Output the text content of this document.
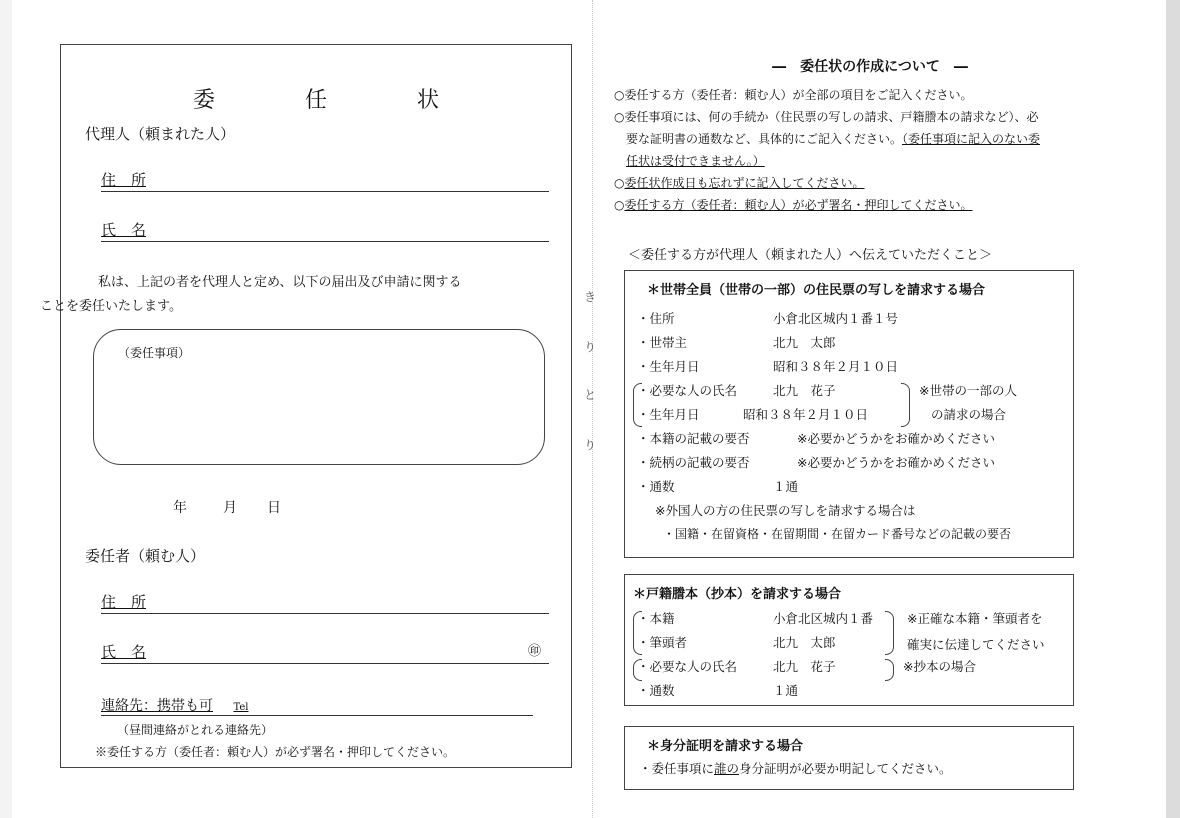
き
り
と
り
委　任　状
代理人（頼まれた人）
住　所
氏　名
私は、上記の者を代理人と定め、以下の届出及び申請に関する
ことを委任いたします。
（委任事項）
年	月 日
委任者（頼む人）
住　所
氏　名	㊞
連絡先：携帯も可 Tel
（昼間連絡がとれる連絡先）
※委任する方（委任者：頼む人）が必ず署名・押印してください。
―　委任状の作成について　―
○委任する方（委任者：頼む人）が全部の項目をご記入ください。
○委任事項には、何の手続か（住民票の写しの請求、戸籍謄本の請求など）、必
要な証明書の通数など、具体的にご記入ください。（委任事項に記入のない委
任状は受付できません。）
○委任状作成日も忘れずに記入してください。
○委任する方（委任者：頼む人）が必ず署名・押印してください。
＜委任する方が代理人（頼まれた人）へ伝えていただくこと＞
＊世帯全員（世帯の一部）の住民票の写しを請求する場合
・住所	小倉北区城内１番１号
・世帯主	北九　太郎
・生年月日	昭和３８年２月１０日
・必要な人の氏名	北九　花子
・生年月日	昭和３８年２月１０日
※世帯の一部の人
の請求の場合
・本籍の記載の要否	※必要かどうかをお確かめください
・続柄の記載の要否	※必要かどうかをお確かめください
・通数	１通
※外国人の方の住民票の写しを請求する場合は
・国籍・在留資格・在留期間・在留カード番号などの記載の要否
＊戸籍謄本（抄本）を請求する場合
・本籍	小倉北区城内１番	※正確な本籍・筆頭者を
・筆頭者	北九　太郎	確実に伝達してください
・必要な人の氏名	北九　花子	※抄本の場合
・通数	１通
＊身分証明を請求する場合
・委任事項に誰の身分証明が必要か明記してください。
